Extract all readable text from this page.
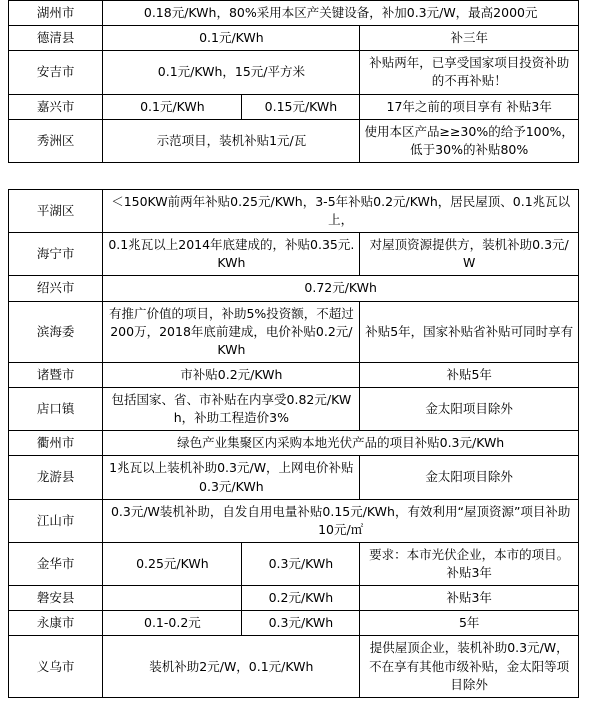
湖州市	0.18元/KWh，80%采用本区产关键设备，补加0.3元/W，最高2000元		
德清县	0.1元/KWh		补三年
安吉市	0.1元/KWh，15元/平方米		补贴两年，已享受国家项目投资补助的不再补贴！
嘉兴市	0.1元/KWh	0.15元/KWh	17年之前的项目享有 补贴3年
秀洲区	示范项目，装机补贴1元/瓦		使用本区产品≥≥30%的给予100%，低于30%的补贴80%
平湖区	＜150KW前两年补贴0.25元/KWh，3-5年补贴0.2元/KWh，居民屋顶、0.1兆瓦以上，		
海宁市	0.1兆瓦以上2014年底建成的，补贴0.35元.KWh		对屋顶资源提供方，装机补助0.3元/W
绍兴市	0.72元/KWh		
滨海委	有推广价值的项目，补助5%投资额，不超过200万，2018年底前建成，电价补贴0.2元/KWh		补贴5年，国家补贴省补贴可同时享有
诸暨市	市补贴0.2元/KWh		补贴5年
店口镇	包括国家、省、市补贴在内享受0.82元/KWh，补助工程造价3%		金太阳项目除外
衢州市	绿色产业集聚区内采购本地光伏产品的项目补贴0.3元/KWh		
龙游县	1兆瓦以上装机补助0.3元/W，上网电价补贴0.3元/KWh		金太阳项目除外
江山市	0.3元/W装机补助，自发自用电量补贴0.15元/KWh，有效利用“屋顶资源”项目补助10元/㎡		
金华市	0.25元/KWh	0.3元/KWh	要求：本市光伏企业，本市的项目。补贴3年
磐安县		0.2元/KWh	补贴3年
永康市	0.1-0.2元	0.3元/KWh	5年
义乌市	装机补助2元/W，0.1元/KWh		提供屋顶企业，装机补助0.3元/W，不在享有其他市级补贴，金太阳等项目除外
